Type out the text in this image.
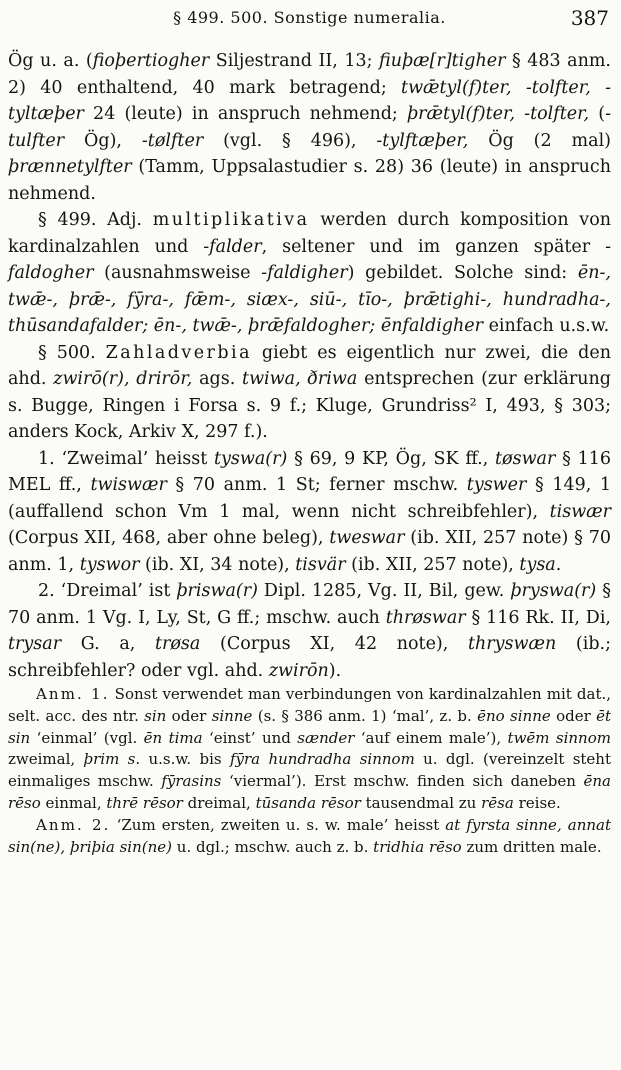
§ 499. 500. Sonstige numeralia.	387

Ög u. a. (fioþertiogher Siljestrand II, 13; fiuþæ[r]tigher § 483 anm. 2) 40 enthaltend, 40 mark betragend; twǣtyl(f)ter, -tolfter, -tyltæþer 24 (leute) in anspruch nehmend; þrǣtyl(f)ter, -tolfter, (-tulfter Ög), -tølfter (vgl. § 496), -tylftæþer, Ög (2 mal) þrænnetylfter (Tamm, Uppsalastudier s. 28) 36 (leute) in anspruch nehmend.

§ 499. Adj. multiplikativa werden durch komposition von kardinalzahlen und -falder, seltener und im ganzen später -faldogher (ausnahmsweise -faldigher) gebildet. Solche sind: ēn-, twǣ-, þrǣ-, fȳra-, fǣm-, siæx-, siū-, tīo-, þrǣtighi-, hundradha-, thūsandafalder; ēn-, twǣ-, þrǣfaldogher; ēnfaldigher einfach u.s.w.

§ 500. Zahladverbia giebt es eigentlich nur zwei, die den ahd. zwirō(r), drirōr, ags. twiwa, ðriwa entsprechen (zur erklärung s. Bugge, Ringen i Forsa s. 9 f.; Kluge, Grundriss² I, 493, § 303; anders Kock, Arkiv X, 297 f.).

1. ‘Zweimal’ heisst tyswa(r) § 69, 9 KP, Ög, SK ff., tøswar § 116 MEL ff., twiswær § 70 anm. 1 St; ferner mschw. tyswer § 149, 1 (auffallend schon Vm 1 mal, wenn nicht schreibfehler), tiswær (Corpus XII, 468, aber ohne beleg), tweswar (ib. XII, 257 note) § 70 anm. 1, tyswor (ib. XI, 34 note), tisvär (ib. XII, 257 note), tysa.

2. ‘Dreimal’ ist þriswa(r) Dipl. 1285, Vg. II, Bil, gew. þryswa(r) § 70 anm. 1 Vg. I, Ly, St, G ff.; mschw. auch thrøswar § 116 Rk. II, Di, trysar G. a, trøsa (Corpus XI, 42 note), thryswæn (ib.; schreibfehler? oder vgl. ahd. zwirōn).

Anm. 1. Sonst verwendet man verbindungen von kardinalzahlen mit dat., selt. acc. des ntr. sin oder sinne (s. § 386 anm. 1) ‘mal’, z. b. ēno sinne oder ēt sin ‘einmal’ (vgl. ēn tima ‘einst’ und sænder ‘auf einem male’), twēm sinnom zweimal, þrim s. u.s.w. bis fȳra hundradha sinnom u. dgl. (vereinzelt steht einmaliges mschw. fȳrasins ‘viermal’). Erst mschw. finden sich daneben ēna rēso einmal, thrē rēsor dreimal, tūsanda rēsor tausendmal zu rēsa reise.

Anm. 2. ‘Zum ersten, zweiten u. s. w. male’ heisst at fyrsta sinne, annat sin(ne), þriþia sin(ne) u. dgl.; mschw. auch z. b. tridhia rēso zum dritten male.
